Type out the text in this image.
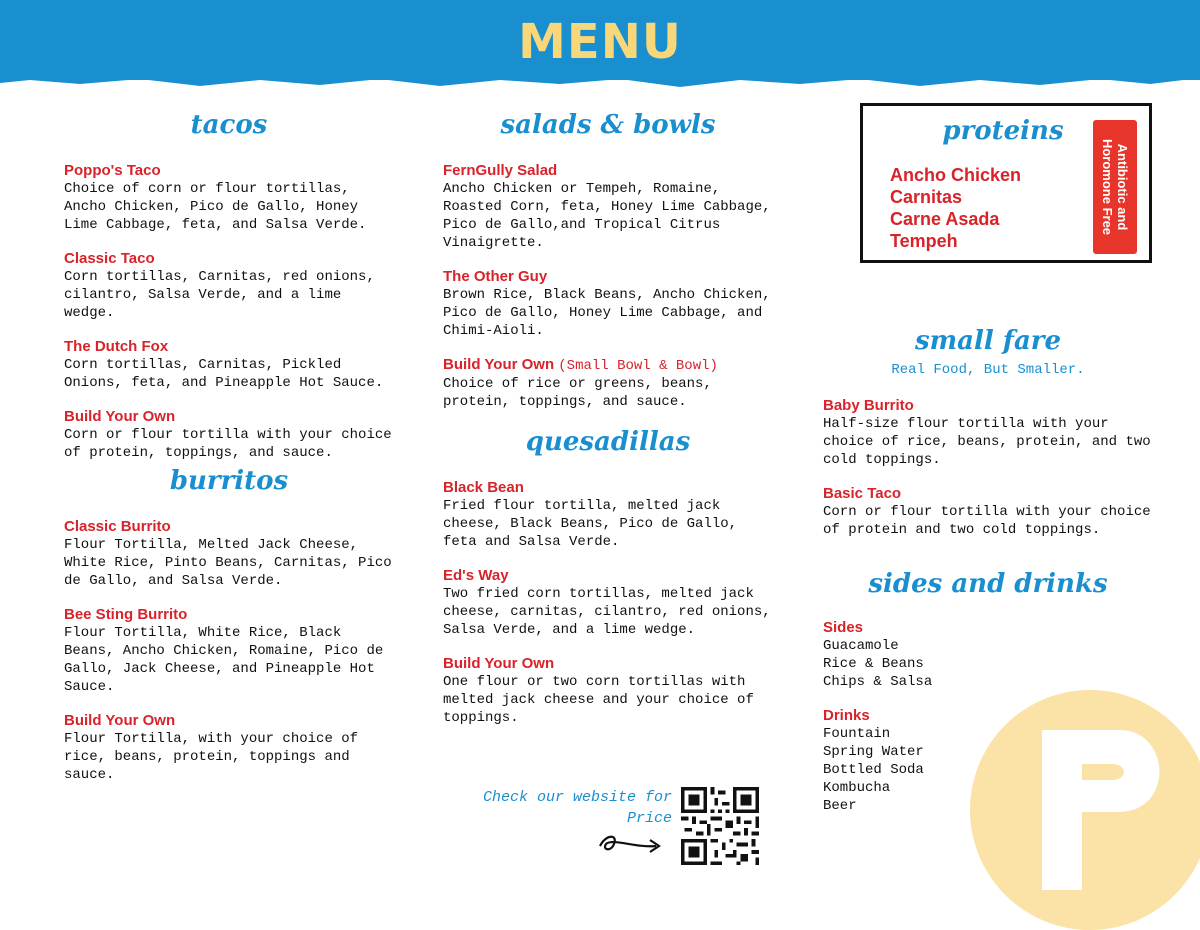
MENU
tacos
Poppo's Taco
Choice of corn or flour tortillas, Ancho Chicken, Pico de Gallo, Honey Lime Cabbage, feta, and Salsa Verde.
Classic Taco
Corn tortillas, Carnitas, red onions, cilantro, Salsa Verde, and a lime wedge.
The Dutch Fox
Corn tortillas, Carnitas, Pickled Onions, feta, and Pineapple Hot Sauce.
Build Your Own
Corn or flour tortilla with your choice of protein, toppings, and sauce.
burritos
Classic Burrito
Flour Tortilla, Melted Jack Cheese, White Rice, Pinto Beans, Carnitas, Pico de Gallo, and Salsa Verde.
Bee Sting Burrito
Flour Tortilla, White Rice, Black Beans, Ancho Chicken, Romaine, Pico de Gallo, Jack Cheese, and Pineapple Hot Sauce.
Build Your Own
Flour Tortilla, with your choice of rice, beans, protein, toppings and sauce.
salads & bowls
FernGully Salad
Ancho Chicken or Tempeh, Romaine, Roasted Corn, feta, Honey Lime Cabbage, Pico de Gallo,and Tropical Citrus Vinaigrette.
The Other Guy
Brown Rice, Black Beans, Ancho Chicken, Pico de Gallo, Honey Lime Cabbage, and Chimi-Aioli.
Build Your Own (Small Bowl & Bowl)
Choice of rice or greens, beans, protein, toppings, and sauce.
quesadillas
Black Bean
Fried flour tortilla, melted jack cheese, Black Beans, Pico de Gallo, feta and Salsa Verde.
Ed's Way
Two fried corn tortillas, melted jack cheese, carnitas, cilantro, red onions, Salsa Verde, and a lime wedge.
Build Your Own
One flour or two corn tortillas with melted jack cheese and your choice of toppings.
Check our website for
Price
proteins
Ancho Chicken
Carnitas
Carne Asada
Tempeh
Antibiotic and Horomone Free
small fare
Real Food, But Smaller.
Baby Burrito
Half-size flour tortilla with your choice of rice, beans, protein, and two cold toppings.
Basic Taco
Corn or flour tortilla with your choice of protein and two cold toppings.
sides and drinks
Sides
Guacamole
Rice & Beans
Chips & Salsa
Drinks
Fountain
Spring Water
Bottled Soda
Kombucha
Beer
